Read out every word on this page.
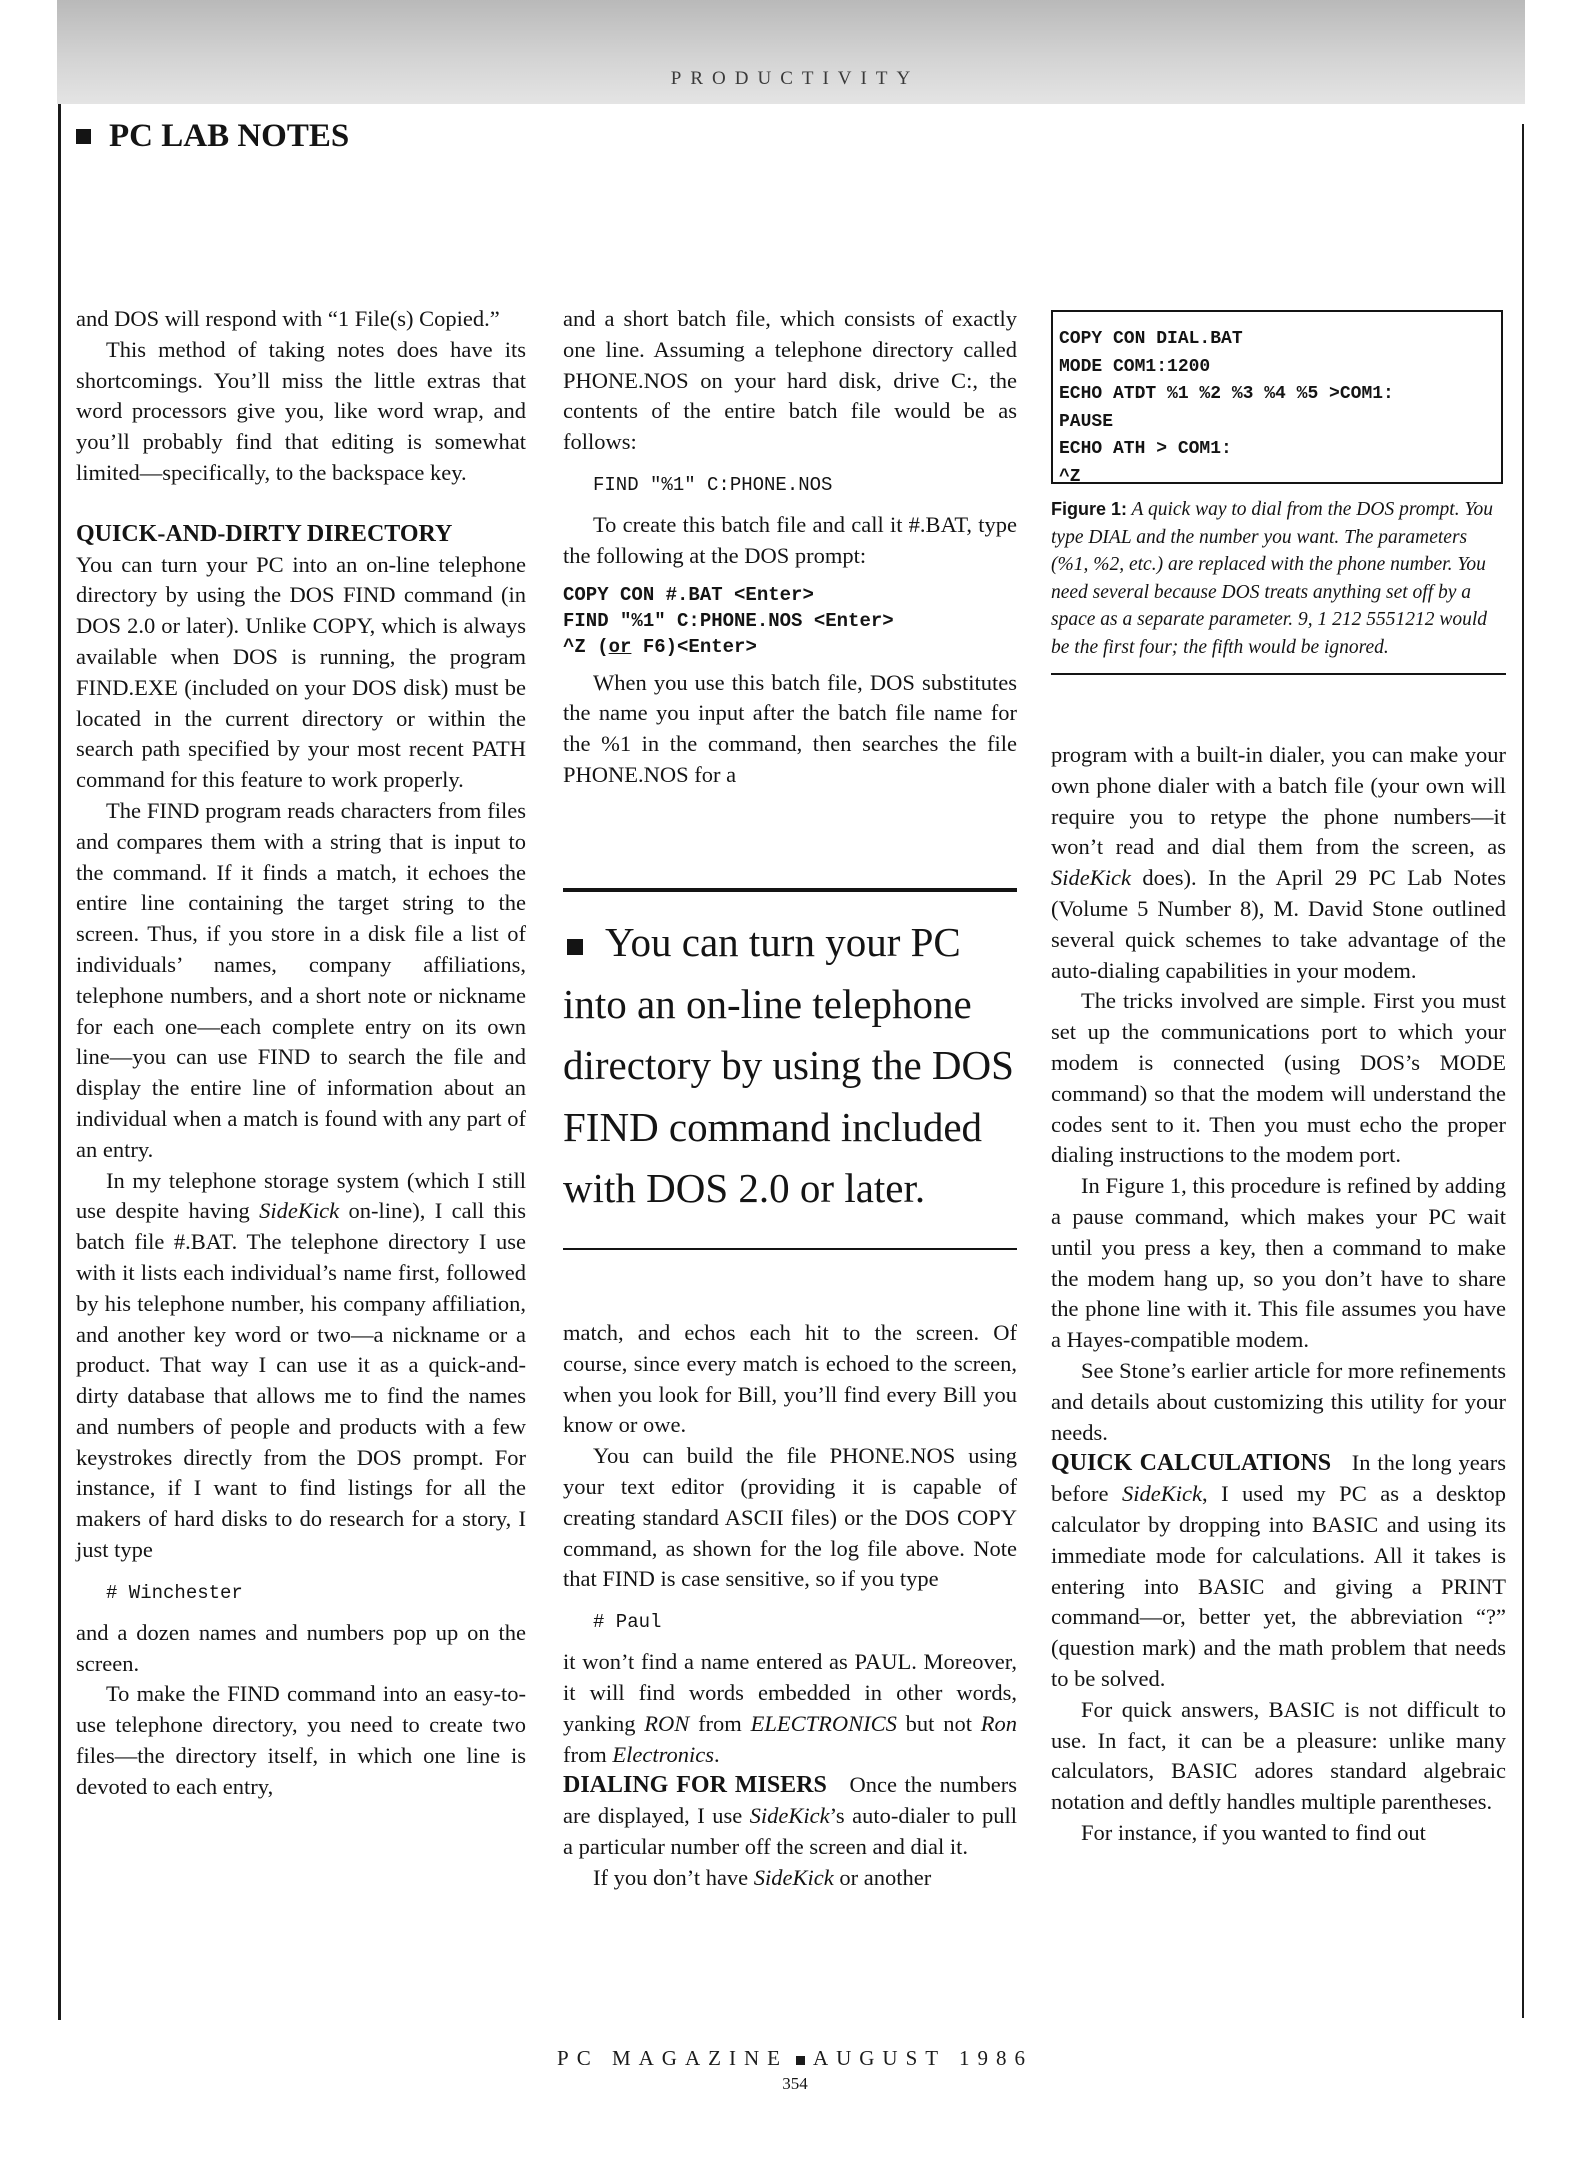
PRODUCTIVITY
PC LAB NOTES

and DOS will respond with “1 File(s) Copied.”

This method of taking notes does have its shortcomings. You’ll miss the little extras that word processors give you, like word wrap, and you’ll probably find that editing is somewhat limited—specifically, to the backspace key.

QUICK-AND-DIRTY DIRECTORY

You can turn your PC into an on-line telephone directory by using the DOS FIND command (in DOS 2.0 or later). Unlike COPY, which is always available when DOS is running, the program FIND.EXE (included on your DOS disk) must be located in the current directory or within the search path specified by your most recent PATH command for this feature to work properly.

The FIND program reads characters from files and compares them with a string that is input to the command. If it finds a match, it echoes the entire line containing the target string to the screen. Thus, if you store in a disk file a list of individuals’ names, company affiliations, telephone numbers, and a short note or nickname for each one—each complete entry on its own line—you can use FIND to search the file and display the entire line of information about an individual when a match is found with any part of an entry.

In my telephone storage system (which I still use despite having SideKick on-line), I call this batch file #.BAT. The telephone directory I use with it lists each individual’s name first, followed by his telephone number, his company affiliation, and another key word or two—a nickname or a product. That way I can use it as a quick-and-dirty database that allows me to find the names and numbers of people and products with a few keystrokes directly from the DOS prompt. For instance, if I want to find listings for all the makers of hard disks to do research for a story, I just type

# Winchester

and a dozen names and numbers pop up on the screen.

To make the FIND command into an easy-to-use telephone directory, you need to create two files—the directory itself, in which one line is devoted to each entry,

and a short batch file, which consists of exactly one line. Assuming a telephone directory called PHONE.NOS on your hard disk, drive C:, the contents of the entire batch file would be as follows:

FIND "%1" C:PHONE.NOS

To create this batch file and call it #.BAT, type the following at the DOS prompt:

COPY CON #.BAT <Enter>
FIND "%1" C:PHONE.NOS <Enter>
^Z (or F6)<Enter>

When you use this batch file, DOS substitutes the name you input after the batch file name for the %1 in the command, then searches the file PHONE.NOS for a

You can turn your PC into an on-line telephone directory by using the DOS FIND command included with DOS 2.0 or later.

match, and echos each hit to the screen. Of course, since every match is echoed to the screen, when you look for Bill, you’ll find every Bill you know or owe.

You can build the file PHONE.NOS using your text editor (providing it is capable of creating standard ASCII files) or the DOS COPY command, as shown for the log file above. Note that FIND is case sensitive, so if you type

# Paul

it won’t find a name entered as PAUL. Moreover, it will find words embedded in other words, yanking RON from ELECTRONICS but not Ron from Electronics.

DIALING FOR MISERS Once the numbers are displayed, I use SideKick’s auto-dialer to pull a particular number off the screen and dial it.

If you don’t have SideKick or another

COPY CON DIAL.BAT
MODE COM1:1200
ECHO ATDT %1 %2 %3 %4 %5 >COM1:
PAUSE
ECHO ATH > COM1:
^Z
Figure 1: A quick way to dial from the DOS prompt. You type DIAL and the number you want. The parameters (%1, %2, etc.) are replaced with the phone number. You need several because DOS treats anything set off by a space as a separate parameter. 9, 1 212 5551212 would be the first four; the fifth would be ignored.

program with a built-in dialer, you can make your own phone dialer with a batch file (your own will require you to retype the phone numbers—it won’t read and dial them from the screen, as SideKick does). In the April 29 PC Lab Notes (Volume 5 Number 8), M. David Stone outlined several quick schemes to take advantage of the auto-dialing capabilities in your modem.

The tricks involved are simple. First you must set up the communications port to which your modem is connected (using DOS’s MODE command) so that the modem will understand the codes sent to it. Then you must echo the proper dialing instructions to the modem port.

In Figure 1, this procedure is refined by adding a pause command, which makes your PC wait until you press a key, then a command to make the modem hang up, so you don’t have to share the phone line with it. This file assumes you have a Hayes-compatible modem.

See Stone’s earlier article for more refinements and details about customizing this utility for your needs.

QUICK CALCULATIONS In the long years before SideKick, I used my PC as a desktop calculator by dropping into BASIC and using its immediate mode for calculations. All it takes is entering into BASIC and giving a PRINT command—or, better yet, the abbreviation “?” (question mark) and the math problem that needs to be solved.

For quick answers, BASIC is not difficult to use. In fact, it can be a pleasure: unlike many calculators, BASIC adores standard algebraic notation and deftly handles multiple parentheses.

For instance, if you wanted to find out

PC MAGAZINE AUGUST 1986
354
